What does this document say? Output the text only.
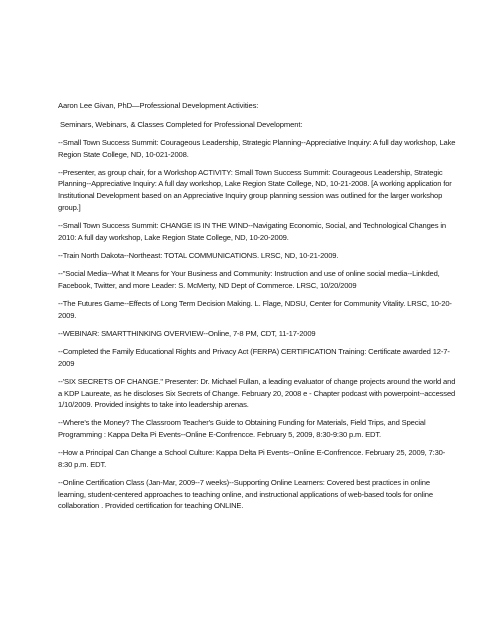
Aaron Lee Givan, PhD—Professional Development Activities:

Seminars, Webinars, & Classes Completed for Professional Development:

--Small Town Success Summit: Courageous Leadership, Strategic Planning--Appreciative Inquiry: A full day workshop, Lake Region State College, ND, 10-021-2008.

--Presenter, as group chair, for a Workshop ACTIVITY: Small Town Success Summit: Courageous Leadership, Strategic Planning--Appreciative Inquiry: A full day workshop, Lake Region State College, ND, 10-21-2008. [A working application for Institutional Development based on an Appreciative Inquiry group planning session was outlined for the larger workshop group.]

--Small Town Success Summit: CHANGE IS IN THE WIND--Navigating Economic, Social, and Technological Changes in 2010: A full day workshop, Lake Region State College, ND, 10-20-2009.

--Train North Dakota--Northeast: TOTAL COMMUNICATIONS. LRSC, ND, 10-21-2009.

--"Social Media--What It Means for Your Business and Community: Instruction and use of online social media--Linkded, Facebook, Twitter, and more Leader: S. McMerty, ND Dept of Commerce. LRSC, 10/20/2009

--The Futures Game--Effects of Long Term Decision Making. L. Flage, NDSU, Center for Community Vitality. LRSC, 10-20-2009.

--WEBINAR: SMARTTHINKING OVERVIEW--Online, 7-8 PM, CDT, 11-17-2009

--Completed the Family Educational Rights and Privacy Act (FERPA) CERTIFICATION Training: Certificate awarded 12-7-2009

--'SIX SECRETS OF CHANGE." Presenter: Dr. Michael Fullan, a leading evaluator of change projects around the world and a KDP Laureate, as he discloses Six Secrets of Change. February 20, 2008 e - Chapter podcast with powerpoint--accessed 1/10/2009. Provided insights to take into leadership arenas.

--Where's the Money? The Classroom Teacher's Guide to Obtaining Funding for Materials, Field Trips, and Special Programming : Kappa Delta Pi Events--Online E-Confrencce. February 5, 2009, 8:30-9:30 p.m. EDT.

--How a Principal Can Change a School Culture: Kappa Delta Pi Events--Online E-Confrencce. February 25, 2009, 7:30-8:30 p.m. EDT.

--Online Certification Class (Jan-Mar, 2009--7 weeks)--Supporting Online Learners: Covered best practices in online learning, student-centered approaches to teaching online, and instructional applications of web-based tools for online collaboration . Provided certification for teaching ONLINE.
